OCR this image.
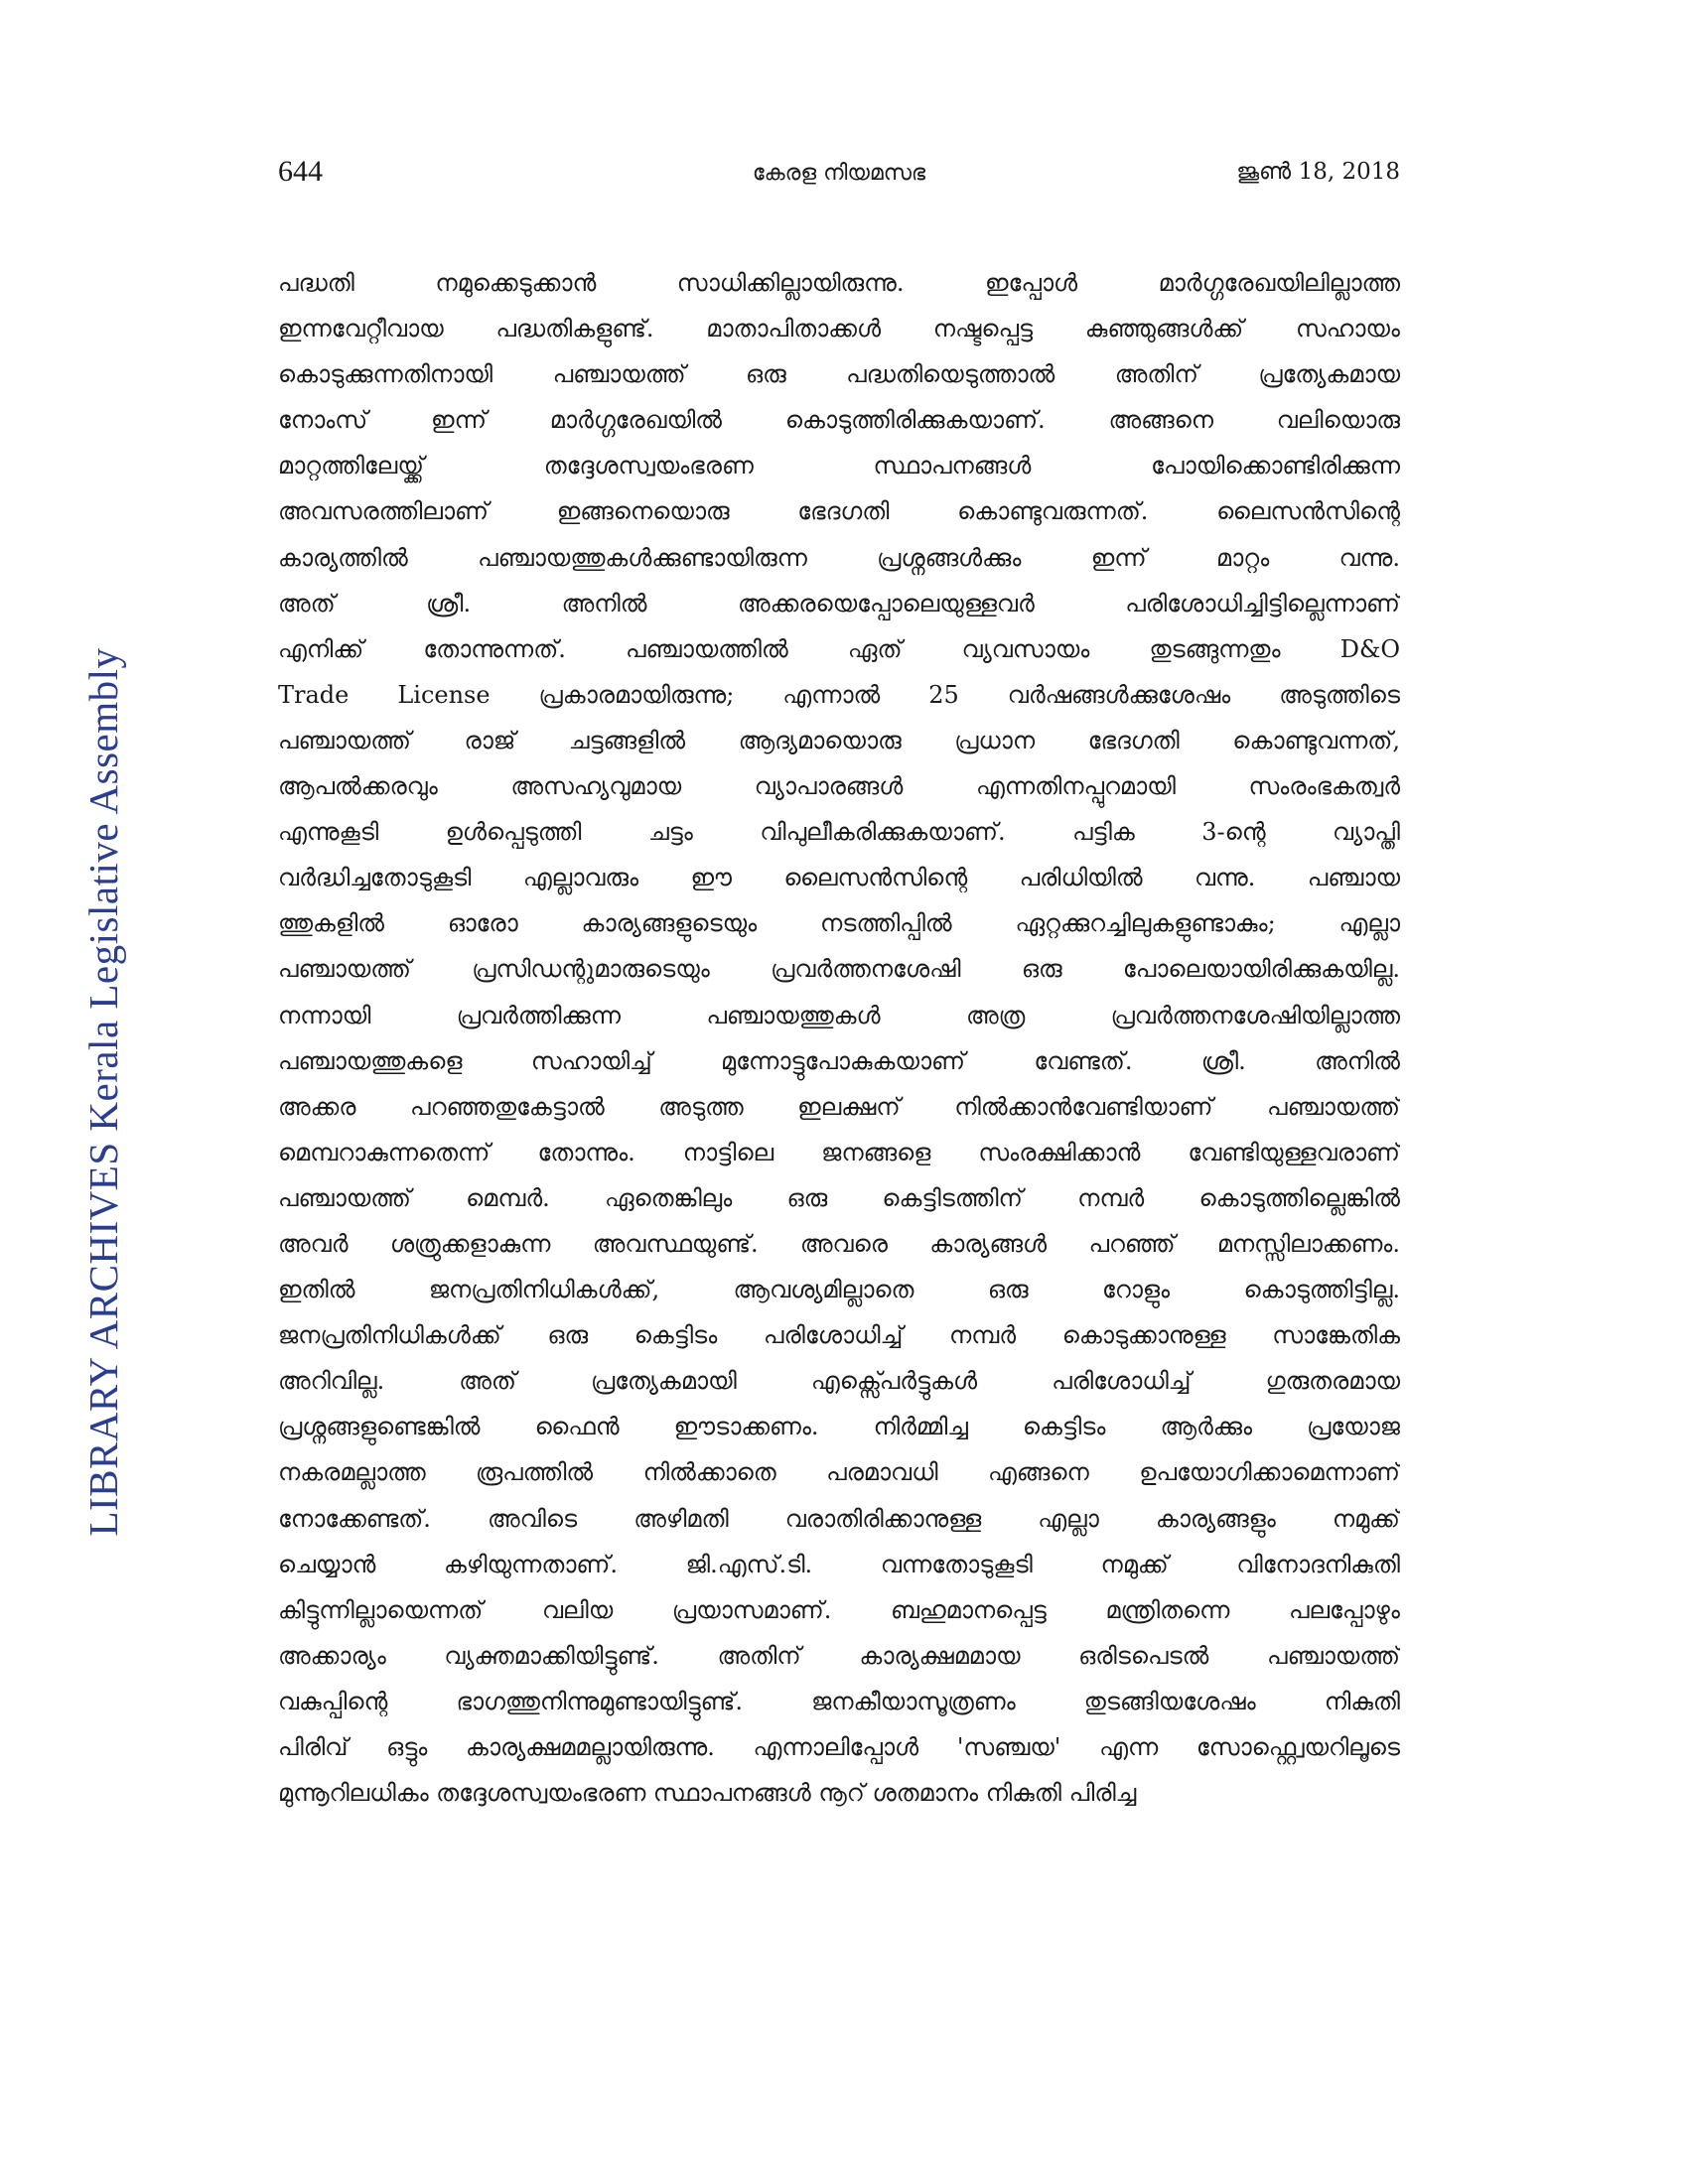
LIBRARY ARCHIVES Kerala Legislative Assembly
644	കേരള നിയമസഭ	ജൂൺ 18, 2018
പദ്ധതി നമുക്കെടുക്കാൻ സാധിക്കില്ലായിരുന്നു. ഇപ്പോൾ മാർഗ്ഗരേഖയിലില്ലാത്ത
ഇന്നവേറ്റീവായ പദ്ധതികളുണ്ട്. മാതാപിതാക്കൾ നഷ്ടപ്പെട്ട കുഞ്ഞുങ്ങൾക്ക് സഹായം
കൊടുക്കുന്നതിനായി പഞ്ചായത്ത് ഒരു പദ്ധതിയെടുത്താൽ അതിന് പ്രത്യേകമായ
നോംസ് ഇന്ന് മാർഗ്ഗരേഖയിൽ കൊടുത്തിരിക്കുകയാണ്. അങ്ങനെ വലിയൊരു
മാറ്റത്തിലേയ്ക്ക് തദ്ദേശസ്വയംഭരണ സ്ഥാപനങ്ങൾ പോയിക്കൊണ്ടിരിക്കുന്ന
അവസരത്തിലാണ് ഇങ്ങനെയൊരു ഭേദഗതി കൊണ്ടുവരുന്നത്. ലൈസൻസിന്റെ
കാര്യത്തിൽ പഞ്ചായത്തുകൾക്കുണ്ടായിരുന്ന പ്രശ്നങ്ങൾക്കും ഇന്ന് മാറ്റം വന്നു.
അത് ശ്രീ. അനിൽ അക്കരയെപ്പോലെയുള്ളവർ പരിശോധിച്ചിട്ടില്ലെന്നാണ്
എനിക്ക് തോന്നുന്നത്. പഞ്ചായത്തിൽ ഏത് വ്യവസായം തുടങ്ങുന്നതും D&O
Trade License പ്രകാരമായിരുന്നു; എന്നാൽ 25 വർഷങ്ങൾക്കുശേഷം അടുത്തിടെ
പഞ്ചായത്ത് രാജ് ചട്ടങ്ങളിൽ ആദ്യമായൊരു പ്രധാന ഭേദഗതി കൊണ്ടുവന്നത്,
ആപൽക്കരവും അസഹ്യവുമായ വ്യാപാരങ്ങൾ എന്നതിനപ്പുറമായി സംരംഭകത്വർ
എന്നുകൂടി ഉൾപ്പെടുത്തി ചട്ടം വിപുലീകരിക്കുകയാണ്. പട്ടിക 3-ന്റെ വ്യാപ്തി
വർദ്ധിച്ചതോടുകൂടി എല്ലാവരും ഈ ലൈസൻസിന്റെ പരിധിയിൽ വന്നു. പഞ്ചായ
ത്തുകളിൽ ഓരോ കാര്യങ്ങളുടെയും നടത്തിപ്പിൽ ഏറ്റക്കുറച്ചിലുകളുണ്ടാകും; എല്ലാ
പഞ്ചായത്ത് പ്രസിഡന്റുമാരുടെയും പ്രവർത്തനശേഷി ഒരു പോലെയായിരിക്കുകയില്ല.
നന്നായി പ്രവർത്തിക്കുന്ന പഞ്ചായത്തുകൾ അത്ര പ്രവർത്തനശേഷിയില്ലാത്ത
പഞ്ചായത്തുകളെ സഹായിച്ച് മുന്നോട്ടുപോകുകയാണ് വേണ്ടത്. ശ്രീ. അനിൽ
അക്കര പറഞ്ഞതുകേട്ടാൽ അടുത്ത ഇലക്ഷന് നിൽക്കാൻവേണ്ടിയാണ് പഞ്ചായത്ത്
മെമ്പറാകുന്നതെന്ന് തോന്നും. നാട്ടിലെ ജനങ്ങളെ സംരക്ഷിക്കാൻ വേണ്ടിയുള്ളവരാണ്
പഞ്ചായത്ത് മെമ്പർ. ഏതെങ്കിലും ഒരു കെട്ടിടത്തിന് നമ്പർ കൊടുത്തില്ലെങ്കിൽ
അവർ ശത്രുക്കളാകുന്ന അവസ്ഥയുണ്ട്. അവരെ കാര്യങ്ങൾ പറഞ്ഞ് മനസ്സിലാക്കണം.
ഇതിൽ ജനപ്രതിനിധികൾക്ക്, ആവശ്യമില്ലാതെ ഒരു റോളും കൊടുത്തിട്ടില്ല.
ജനപ്രതിനിധികൾക്ക് ഒരു കെട്ടിടം പരിശോധിച്ച് നമ്പർ കൊടുക്കാനുള്ള സാങ്കേതിക
അറിവില്ല. അത് പ്രത്യേകമായി എക്സ്പെർട്ടുകൾ പരിശോധിച്ച് ഗുരുതരമായ
പ്രശ്നങ്ങളുണ്ടെങ്കിൽ ഫൈൻ ഈടാക്കണം. നിർമ്മിച്ച കെട്ടിടം ആർക്കും പ്രയോജ
നകരമല്ലാത്ത രൂപത്തിൽ നിൽക്കാതെ പരമാവധി എങ്ങനെ ഉപയോഗിക്കാമെന്നാണ്
നോക്കേണ്ടത്. അവിടെ അഴിമതി വരാതിരിക്കാനുള്ള എല്ലാ കാര്യങ്ങളും നമുക്ക്
ചെയ്യാൻ കഴിയുന്നതാണ്. ജി.എസ്.ടി. വന്നതോടുകൂടി നമുക്ക് വിനോദനികുതി
കിട്ടുന്നില്ലായെന്നത് വലിയ പ്രയാസമാണ്. ബഹുമാനപ്പെട്ട മന്ത്രിതന്നെ പലപ്പോഴും
അക്കാര്യം വ്യക്തമാക്കിയിട്ടുണ്ട്. അതിന് കാര്യക്ഷമമായ ഒരിടപെടൽ പഞ്ചായത്ത്
വകുപ്പിന്റെ ഭാഗത്തുനിന്നുമുണ്ടായിട്ടുണ്ട്. ജനകീയാസൂത്രണം തുടങ്ങിയശേഷം നികുതി
പിരിവ് ഒട്ടും കാര്യക്ഷമമല്ലായിരുന്നു. എന്നാലിപ്പോൾ 'സഞ്ചയ' എന്ന സോഫ്റ്റ്വെയറിലൂടെ
മുന്നൂറിലധികം തദ്ദേശസ്വയംഭരണ സ്ഥാപനങ്ങൾ നൂറ് ശതമാനം നികുതി പിരിച്ച
